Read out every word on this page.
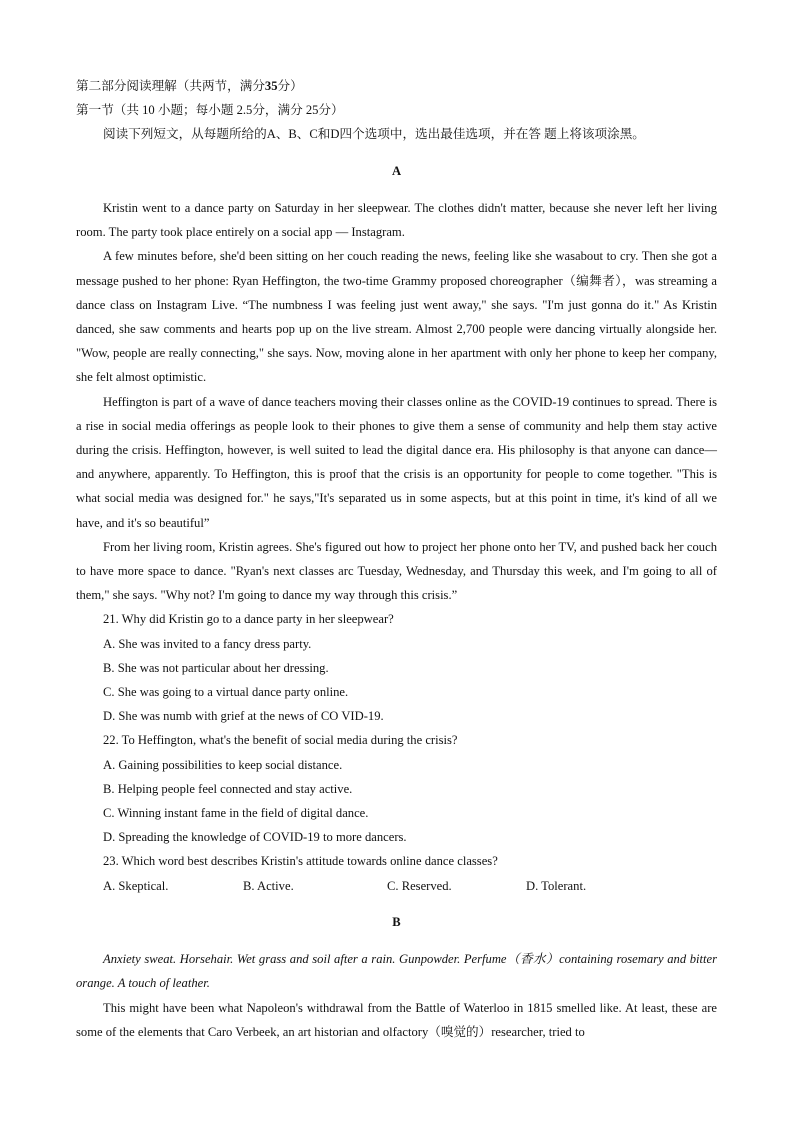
第二部分阅读理解（共两节，满分35分）

第一节（共 10 小题；每小题 2.5分，满分 25分）

阅读下列短文，从每题所给的A、B、C和D四个选项中，选出最佳选项，并在答 题上将该项涂黑。

A

Kristin went to a dance party on Saturday in her sleepwear. The clothes didn't matter, because she never left her living room. The party took place entirely on a social app — Instagram.

A few minutes before, she'd been sitting on her couch reading the news, feeling like she wasabout to cry. Then she got a message pushed to her phone: Ryan Heffington, the two-time Grammy proposed choreographer（编舞者），was streaming a dance class on Instagram Live. “The numbness I was feeling just went away," she says. "I'm just gonna do it." As Kristin danced, she saw comments and hearts pop up on the live stream. Almost 2,700 people were dancing virtually alongside her. "Wow, people are really connecting," she says. Now, moving alone in her apartment with only her phone to keep her company, she felt almost optimistic.

Heffington is part of a wave of dance teachers moving their classes online as the COVID-19 continues to spread. There is a rise in social media offerings as people look to their phones to give them a sense of community and help them stay active during the crisis. Heffington, however, is well suited to lead the digital dance era. His philosophy is that anyone can dance—and anywhere, apparently. To Heffington, this is proof that the crisis is an opportunity for people to come together. "This is what social media was designed for." he says,"It's separated us in some aspects, but at this point in time, it's kind of all we have, and it's so beautiful”

From her living room, Kristin agrees. She's figured out how to project her phone onto her TV, and pushed back her couch to have more space to dance. "Ryan's next classes arc Tuesday, Wednesday, and Thursday this week, and I'm going to all of them," she says. "Why not? I'm going to dance my way through this crisis.”

21. Why did Kristin go to a dance party in her sleepwear?

A. She was invited to a fancy dress party.

B. She was not particular about her dressing.

C. She was going to a virtual dance party online.

D. She was numb with grief at the news of CO VID-19.

22. To Heffington, what's the benefit of social media during the crisis?

A. Gaining possibilities to keep social distance.

B. Helping people feel connected and stay active.

C. Winning instant fame in the field of digital dance.

D. Spreading the knowledge of COVID-19 to more dancers.

23. Which word best describes Kristin's attitude towards online dance classes?

A. Skeptical.	B. Active.	C. Reserved.	D. Tolerant.

B

Anxiety sweat. Horsehair. Wet grass and soil after a rain. Gunpowder. Perfume（香水）containing rosemary and bitter orange. A touch of leather.

This might have been what Napoleon's withdrawal from the Battle of Waterloo in 1815 smelled like. At least, these are some of the elements that Caro Verbeek, an art historian and olfactory（嗅觉的）researcher, tried to
